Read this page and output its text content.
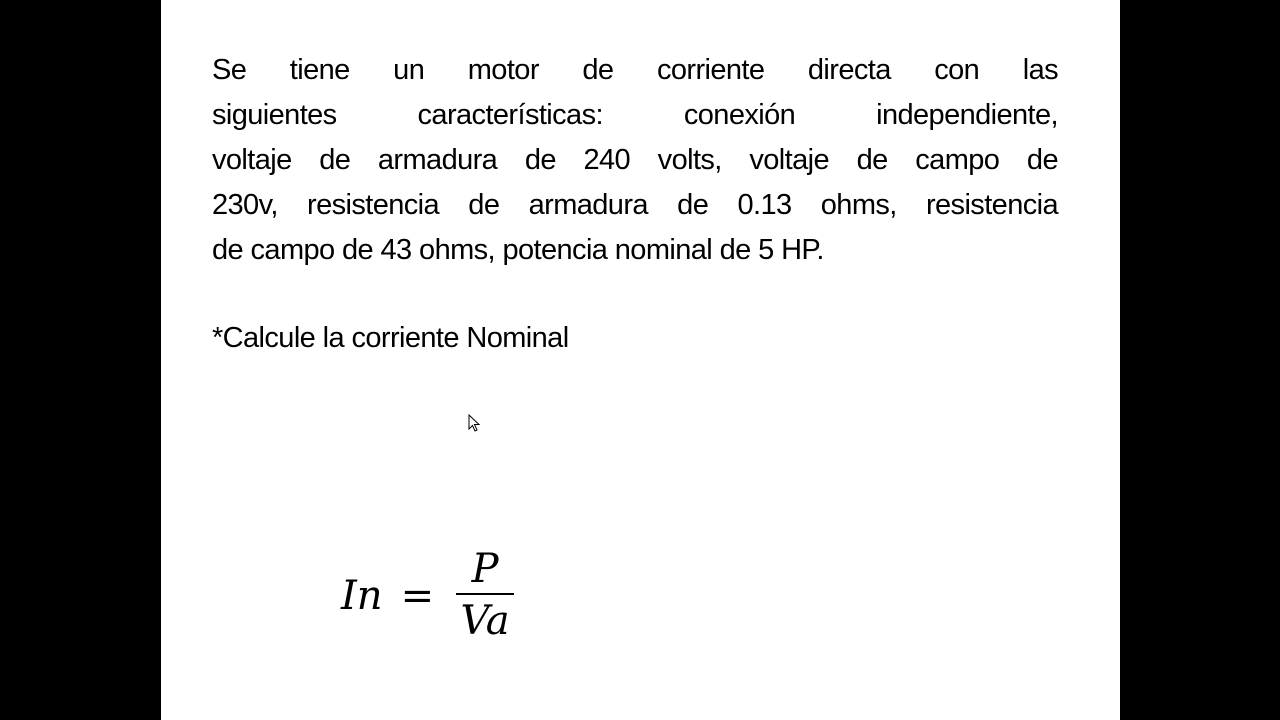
Se tiene un motor de corriente directa con las
siguientes características: conexión independiente,
voltaje de armadura de 240 volts, voltaje de campo de
230v, resistencia de armadura de 0.13 ohms, resistencia
de campo de 43 ohms, potencia nominal de 5 HP.
*Calcule la corriente Nominal
$In = \frac{P}{Va}$
